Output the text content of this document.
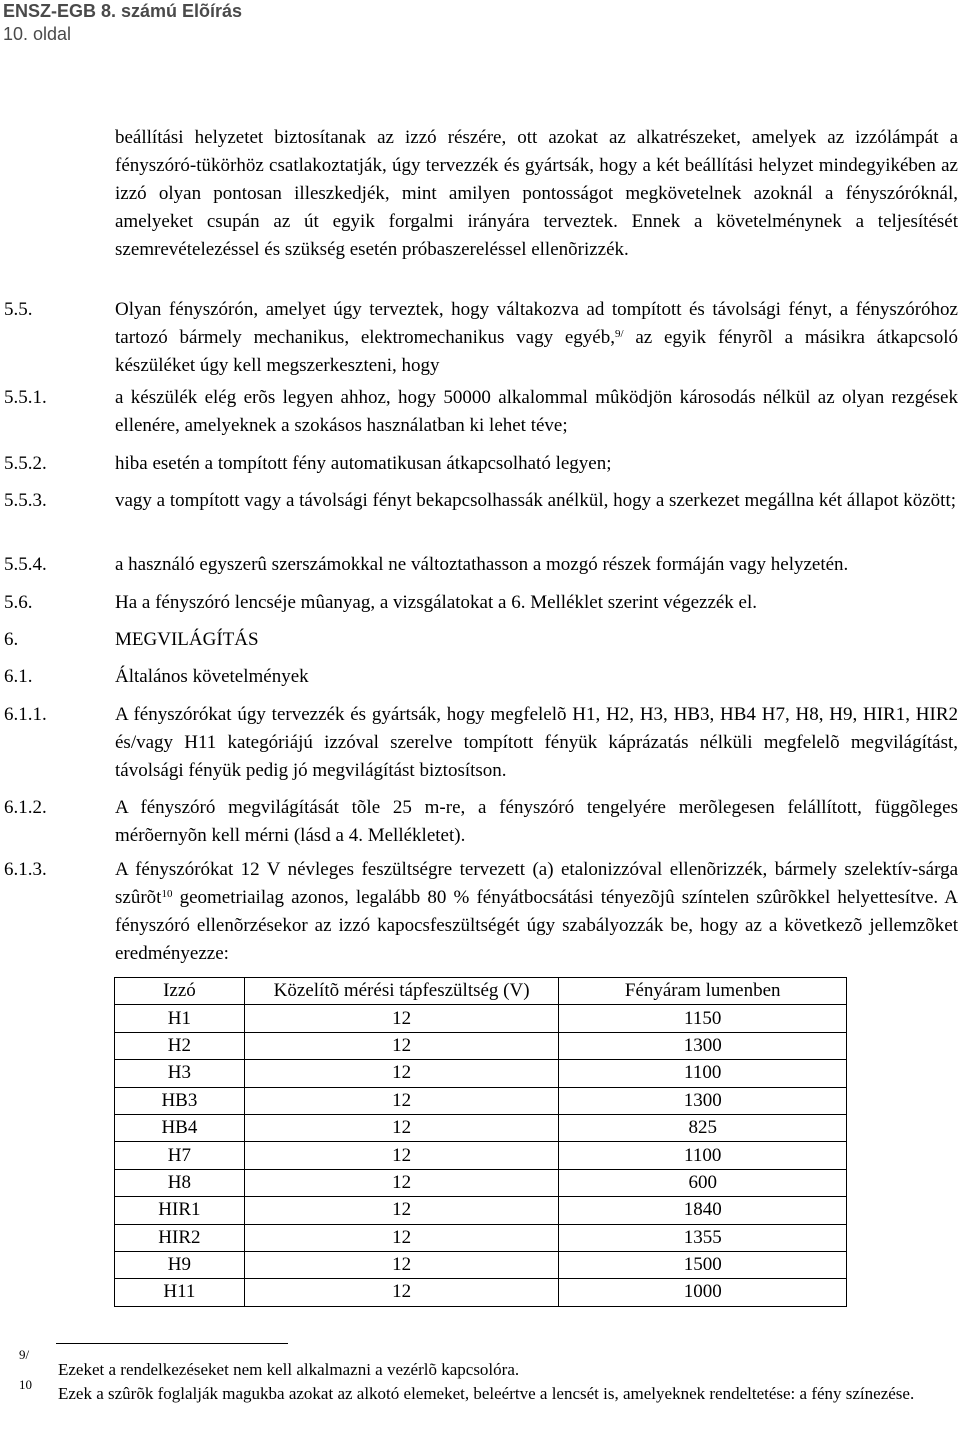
ENSZ-EGB 8. számú Elõírás
10. oldal
beállítási helyzetet biztosítanak az izzó részére, ott azokat az alkatrészeket, amelyek az izzólámpát a fényszóró-tükörhöz csatlakoztatják, úgy tervezzék és gyártsák, hogy a két beállítási helyzet mindegyikében az izzó olyan pontosan illeszkedjék, mint amilyen pontosságot megkövetelnek azoknál a fényszóróknál, amelyeket csupán az út egyik forgalmi irányára terveztek. Ennek a követelménynek a teljesítését szemrevételezéssel és szükség esetén próbaszereléssel ellenõrizzék.
5.5.	Olyan fényszórón, amelyet úgy terveztek, hogy váltakozva ad tompított és távolsági fényt, a fényszóróhoz tartozó bármely mechanikus, elektromechanikus vagy egyéb,$^{9/}$ az egyik fényrõl a másikra átkapcsoló készüléket úgy kell megszerkeszteni, hogy
5.5.1.	a készülék elég erõs legyen ahhoz, hogy 50000 alkalommal mûködjön károsodás nélkül az olyan rezgések ellenére, amelyeknek a szokásos használatban ki lehet téve;
5.5.2.	hiba esetén a tompított fény automatikusan átkapcsolható legyen;
5.5.3.	vagy a tompított vagy a távolsági fényt bekapcsolhassák anélkül, hogy a szerkezet megállna két állapot között;
5.5.4.	a használó egyszerû szerszámokkal ne változtathasson a mozgó részek formáján vagy helyzetén.
5.6.	Ha a fényszóró lencséje mûanyag, a vizsgálatokat a 6. Melléklet szerint végezzék el.
6.	MEGVILÁGÍTÁS
6.1.	Általános követelmények
6.1.1.	A fényszórókat úgy tervezzék és gyártsák, hogy megfelelõ H1, H2, H3, HB3, HB4 H7, H8, H9, HIR1, HIR2 és/vagy H11 kategóriájú izzóval szerelve tompított fényük káprázatás nélküli megfelelõ megvilágítást, távolsági fényük pedig jó megvilágítást biztosítson.
6.1.2.	A fényszóró megvilágítását tõle 25 m-re, a fényszóró tengelyére merõlegesen felállított, függõleges mérõernyõn kell mérni (lásd a 4. Mellékletet).
6.1.3.	A fényszórókat 12 V névleges feszültségre tervezett (a) etalonizzóval ellenõrizzék, bármely szelektív-sárga szûrõt$^{10}$ geometriailag azonos, legalább 80 % fényátbocsátási tényezõjû színtelen szûrõkkel helyettesítve. A fényszóró ellenõrzésekor az izzó kapocsfeszültségét úgy szabályozzák be, hogy az a következõ jellemzõket eredményezze:
Izzó	Közelítõ mérési tápfeszültség (V)	Fényáram lumenben
H1	12	1150
H2	12	1300
H3	12	1100
HB3	12	1300
HB4	12	825
H7	12	1100
H8	12	600
HIR1	12	1840
HIR2	12	1355
H9	12	1500
H11	12	1000
9/
Ezeket a rendelkezéseket nem kell alkalmazni a vezérlõ kapcsolóra.
10 Ezek a szûrõk foglalják magukba azokat az alkotó elemeket, beleértve a lencsét is, amelyeknek rendeltetése: a fény színezése.
